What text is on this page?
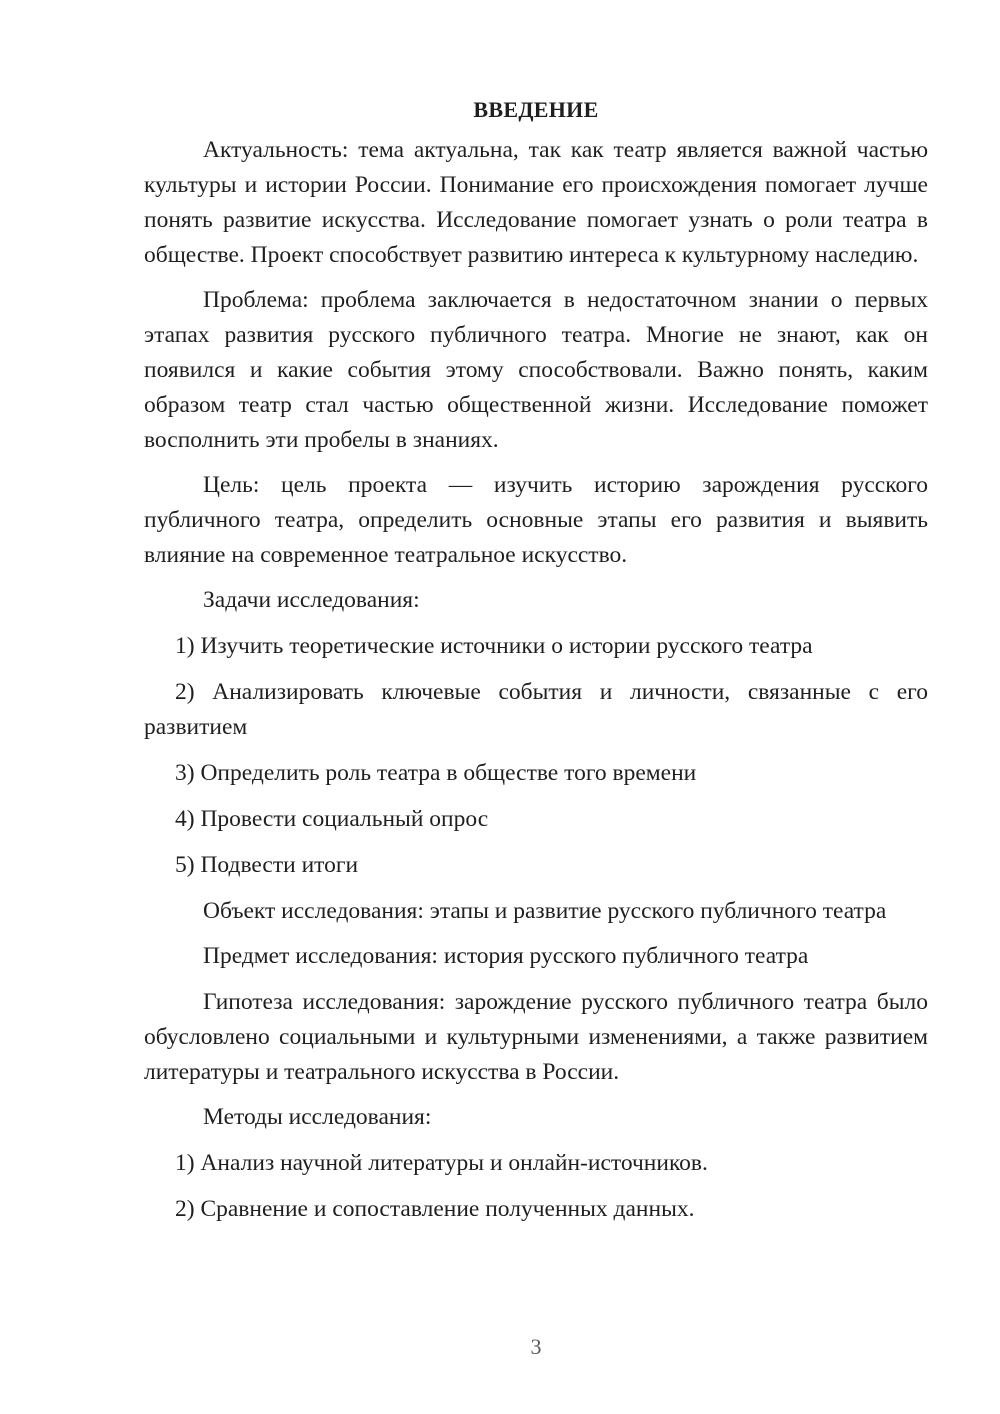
ВВЕДЕНИЕ

Актуальность: тема актуальна, так как театр является важной частью культуры и истории России. Понимание его происхождения помогает лучше понять развитие искусства. Исследование помогает узнать о роли театра в обществе. Проект способствует развитию интереса к культурному наследию.

Проблема: проблема заключается в недостаточном знании о первых этапах развития русского публичного театра. Многие не знают, как он появился и какие события этому способствовали. Важно понять, каким образом театр стал частью общественной жизни. Исследование поможет восполнить эти пробелы в знаниях.

Цель: цель проекта — изучить историю зарождения русского публичного театра, определить основные этапы его развития и выявить влияние на современное театральное искусство.

Задачи исследования:

1) Изучить теоретические источники о истории русского театра

2) Анализировать ключевые события и личности, связанные с его развитием

3) Определить роль театра в обществе того времени

4) Провести социальный опрос

5) Подвести итоги

Объект исследования: этапы и развитие русского публичного театра

Предмет исследования: история русского публичного театра

Гипотеза исследования: зарождение русского публичного театра было обусловлено социальными и культурными изменениями, а также развитием литературы и театрального искусства в России.

Методы исследования:

1) Анализ научной литературы и онлайн-источников.

2) Сравнение и сопоставление полученных данных.

3
